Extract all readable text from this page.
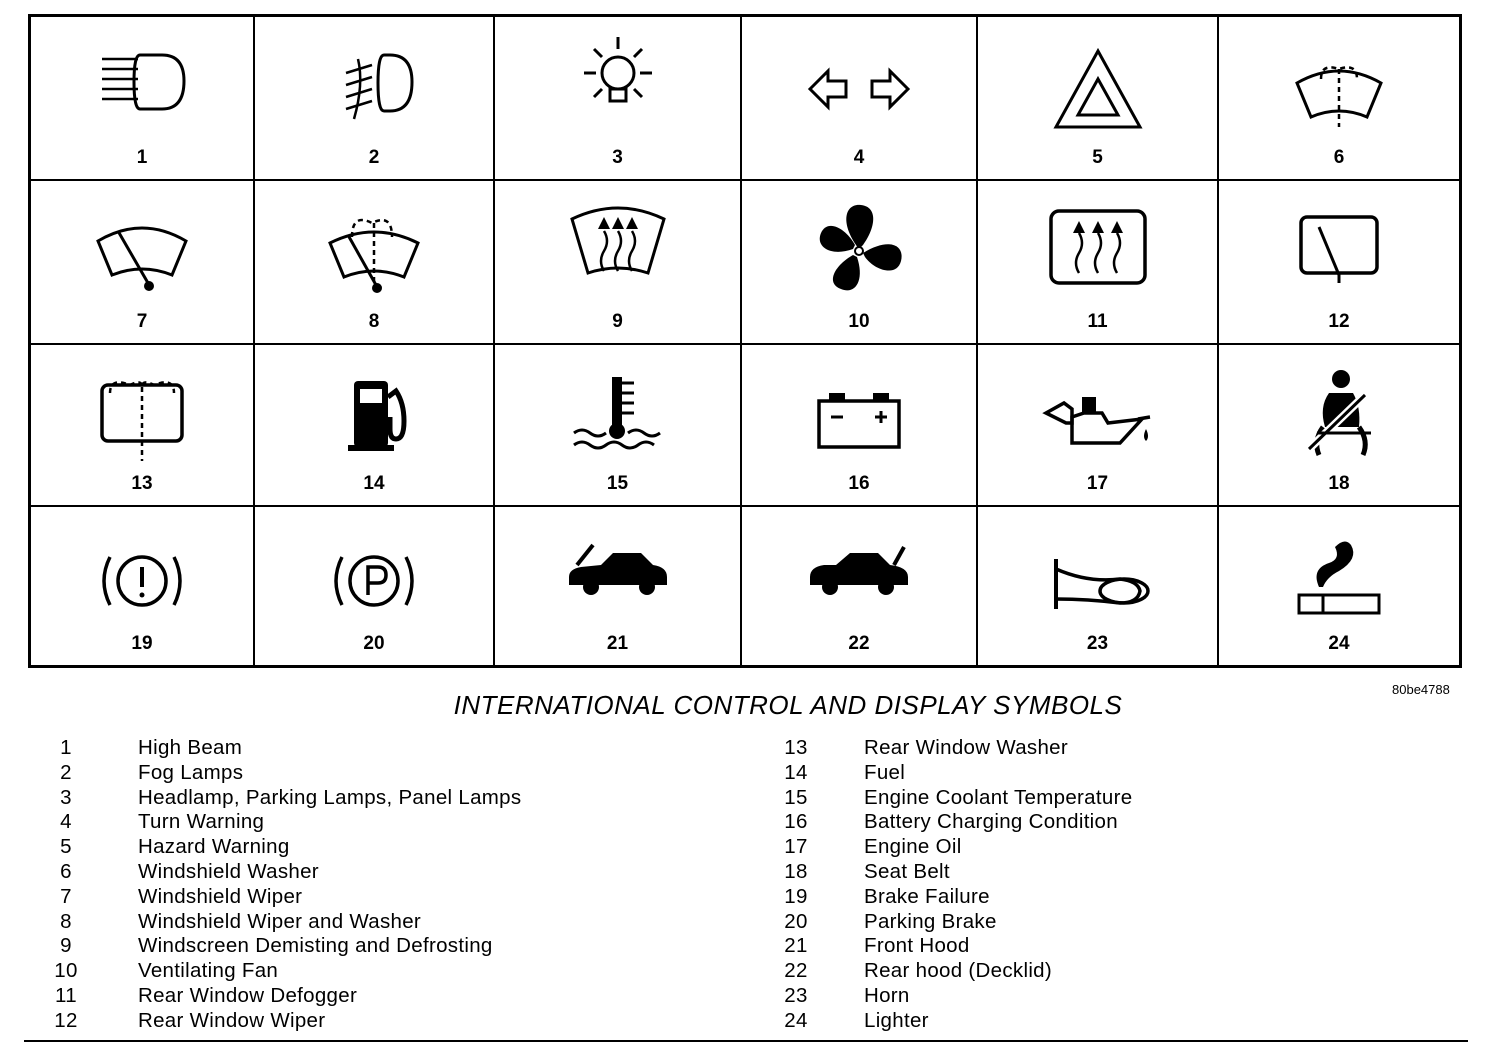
1	2	3	4	5	6
7	8	9	10	11	12
13	14	15	16	17	18
19	20	21	22	23	24
80be4788
INTERNATIONAL CONTROL AND DISPLAY SYMBOLS
1	High Beam
2	Fog Lamps
3	Headlamp, Parking Lamps, Panel Lamps
4	Turn Warning
5	Hazard Warning
6	Windshield Washer
7	Windshield Wiper
8	Windshield Wiper and Washer
9	Windscreen Demisting and Defrosting
10	Ventilating Fan
11	Rear Window Defogger
12	Rear Window Wiper
13	Rear Window Washer
14	Fuel
15	Engine Coolant Temperature
16	Battery Charging Condition
17	Engine Oil
18	Seat Belt
19	Brake Failure
20	Parking Brake
21	Front Hood
22	Rear hood (Decklid)
23	Horn
24	Lighter
